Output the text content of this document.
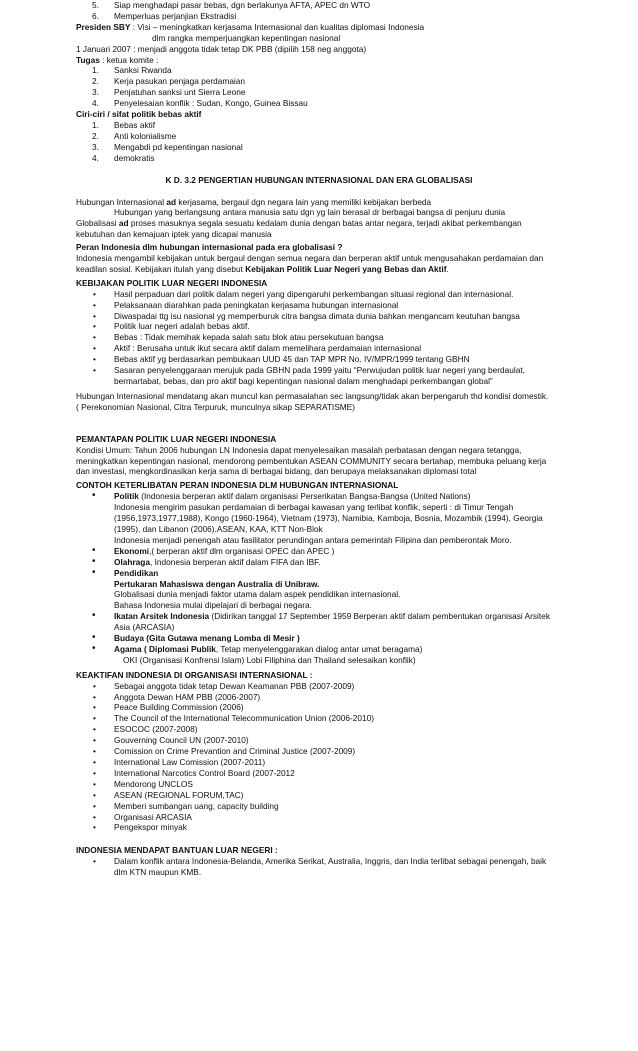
5. Siap menghadapi pasar bebas, dgn berlakunya AFTA, APEC dn WTO
6. Memperluas perjanjian Ekstradisi
Presiden SBY : Visi – meningkatkan kerjasama Internasional dan kualitas diplomasi Indonesia
dlm rangka memperjuangkan kepentingan nasional
1 Januari 2007 : menjadi anggota tidak tetap DK PBB (dipilih 158 neg anggota)
Tugas : ketua komite :
1. Sanksi Rwanda
2. Kerja pasukan penjaga perdamaian
3. Penjatuhan sanksi unt Sierra Leone
4. Penyelesaian konflik : Sudan, Kongo, Guinea Bissau
Ciri-ciri / sifat politik bebas aktif
1. Bebas aktif
2. Anti kolonialisme
3. Mengabdi pd kepentingan nasional
4. demokratis
K D. 3.2 PENGERTIAN HUBUNGAN INTERNASIONAL DAN ERA GLOBALISASI
Hubungan Internasional ad kerjasama, bergaul dgn negara lain yang memiliki kebijakan berbeda
Hubungan yang berlangsung antara manusia satu dgn yg lain berasal dr berbagai bangsa di penjuru dunia
Globalisasi ad proses masuknya segala sesuatu kedalam dunia dengan batas antar negara, terjadi akibat perkembangan
kebutuhan dan kemajuan iptek yang dicapai manusia
Peran Indonesia dlm hubungan internasional pada era globalisasi ?
Indonesia mengambil kebijakan untuk bergaul dengan semua negara dan berperan aktif untuk mengusahakan perdamaian dan
keadilan sosial. Kebijakan itulah yang disebut Kebijakan Politik Luar Negeri yang Bebas dan Aktif.
KEBIJAKAN POLITIK LUAR NEGERI INDONESIA
• Hasil perpaduan dari politik dalam negeri yang dipengaruhi perkembangan situasi regional dan internasional.
• Pelaksanaan diarahkan pada peningkatan kerjasama hubungan internasional
• Diwaspadai ttg isu nasional yg memperburuk citra bangsa dimata dunia bahkan mengancam keutuhan bangsa
• Politik luar negeri adalah bebas aktif.
• Bebas : Tidak memihak kepada salah satu blok atau persekutuan bangsa
• Aktif : Berusaha untuk ikut secara aktif dalam memelihara perdamaian internasional
• Bebas aktif yg berdasarkan pembukaan UUD 45 dan TAP MPR No. IV/MPR/1999 tentang GBHN
• Sasaran penyelenggaraan merujuk pada GBHN pada 1999 yaitu “Perwujudan politik luar negeri yang berdaulat,
bermartabat, bebas, dan pro aktif bagi kepentingan nasional dalam menghadapi perkembangan global”
Hubungan Internasional mendatang akan muncul kan permasalahan sec langsung/tidak akan berpengaruh thd kondisi domestik.
( Perekonomian Nasional, Citra Terpuruk, munculnya sikap SEPARATISME)
PEMANTAPAN POLITIK LUAR NEGERI INDONESIA
Kondisi Umum: Tahun 2006 hubungan LN Indonesia dapat menyelesaikan masalah perbatasan dengan negara tetangga,
meningkatkan kepentingan nasional, mendorong pembentukan ASEAN COMMUNITY secara bertahap, membuka peluang kerja
dan investasi, mengkordinasikan kerja sama di berbagai bidang, dan berupaya melaksanakan diplomasi total
CONTOH KETERLIBATAN PERAN INDONESIA DLM HUBUNGAN INTERNASIONAL
• Politik (Indonesia berperan aktif dalam organisasi Perserikatan Bangsa-Bangsa (United Nations)
Indonesia mengirim pasukan perdamaian di berbagai kawasan yang terlibat konflik, seperti : di Timur Tengah
(1956,1973,1977,1988), Kongo (1960-1964), Vietnam (1973), Namibia, Kamboja, Bosnia, Mozambik (1994), Georgia
(1995), dan Libanon (2006).ASEAN, KAA, KTT Non-Blok
Indonesia menjadi penengah atau fasilitator perundingan antara pemerintah Filipina dan pemberontak Moro.
• Ekonomi,( berperan aktif dlm organisasi OPEC dan APEC )
• Olahraga, Indonesia berperan aktif dalam FIFA dan IBF.
• Pendidikan
Pertukaran Mahasiswa dengan Australia di Unibraw.
Globalisasi dunia menjadi faktor utama dalam aspek pendidikan internasional.
Bahasa Indonesia mulai dipelajari di berbagai negara.
• Ikatan Arsitek Indonesia (Didirikan tanggal 17 September 1959 Berperan aktif dalam pembentukan organisasi Arsitek
Asia (ARCASIA)
• Budaya (Gita Gutawa menang Lomba di Mesir )
• Agama ( Diplomasi Publik, Tetap menyelenggarakan dialog antar umat beragama)
OKI (Organisasi Konfrensi Islam) Lobi Filiphina dan Thailand selesaikan konflik)
KEAKTIFAN INDONESIA DI ORGANISASI INTERNASIONAL :
• Sebagai anggota tidak tetap Dewan Keamanan PBB (2007-2009)
• Anggota Dewan HAM PBB (2006-2007)
• Peace Building Commission (2006)
• The Council of the International Telecommunication Union (2006-2010)
• ESOCOC (2007-2008)
• Gouverning Council UN (2007-2010)
• Comission on Crime Prevantion and Criminal Justice (2007-2009)
• International Law Comission (2007-2011)
• International Narcotics Control Board (2007-2012
• Mendorong UNCLOS
• ASEAN (REGIONAL FORUM,TAC)
• Memberi sumbangan uang, capacity building
• Organisasi ARCASIA
• Pengekspor minyak
INDONESIA MENDAPAT BANTUAN LUAR NEGERI :
• Dalam konflik antara Indonesia-Belanda, Amerika Serikat, Australia, Inggris, dan India terlibat sebagai penengah, baik
dlm KTN maupun KMB.
